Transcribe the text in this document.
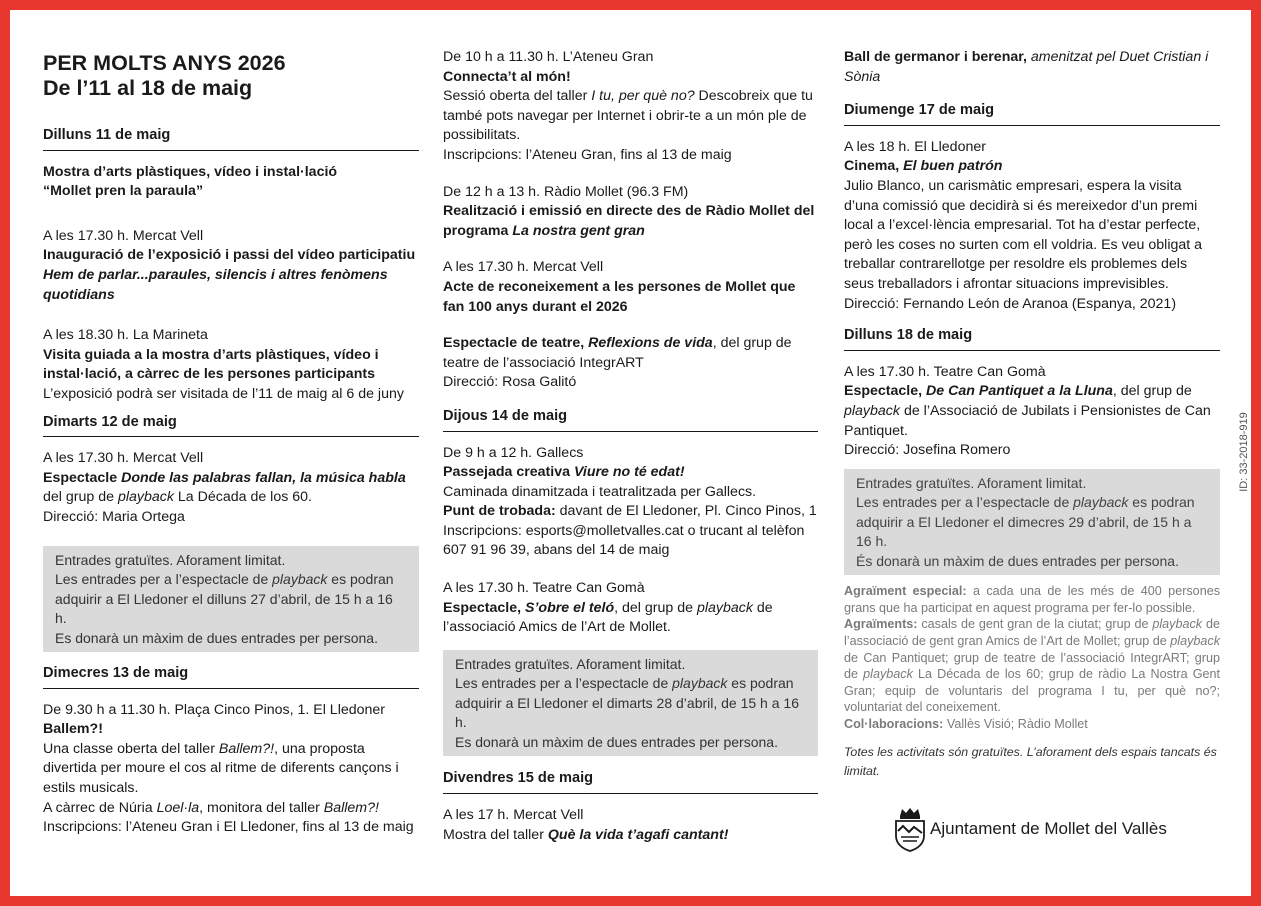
PER MOLTS ANYS 2026
De l’11 al 18 de maig
Dilluns 11 de maig
Mostra d’arts plàstiques, vídeo i instal·lació
“Mollet pren la paraula”
A les 17.30 h. Mercat Vell
Inauguració de l’exposició i passi del vídeo participatiu Hem de parlar...paraules, silencis i altres fenòmens quotidians
A les 18.30 h. La Marineta
Visita guiada a la mostra d’arts plàstiques, vídeo i instal·lació, a càrrec de les persones participants
L’exposició podrà ser visitada de l’11 de maig al 6 de juny
Dimarts 12 de maig
A les 17.30 h. Mercat Vell
Espectacle Donde las palabras fallan, la música habla del grup de playback La Década de los 60.
Direcció: Maria Ortega
Entrades gratuïtes. Aforament limitat.
Les entrades per a l’espectacle de playback es podran adquirir a El Lledoner el dilluns 27 d’abril, de 15 h a 16 h.
Es donarà un màxim de dues entrades per persona.
Dimecres 13 de maig
De 9.30 h a 11.30 h. Plaça Cinco Pinos, 1. El Lledoner
Ballem?!
Una classe oberta del taller Ballem?!, una proposta divertida per moure el cos al ritme de diferents cançons i estils musicals.
A càrrec de Núria Loel·la, monitora del taller Ballem?!
Inscripcions: l’Ateneu Gran i El Lledoner, fins al 13 de maig
De 10 h a 11.30 h. L’Ateneu Gran
Connecta’t al món!
Sessió oberta del taller I tu, per què no? Descobreix que tu també pots navegar per Internet i obrir-te a un món ple de possibilitats.
Inscripcions: l’Ateneu Gran, fins al 13 de maig
De 12 h a 13 h. Ràdio Mollet (96.3 FM)
Realització i emissió en directe des de Ràdio Mollet del programa La nostra gent gran
A les 17.30 h. Mercat Vell
Acte de reconeixement a les persones de Mollet que fan 100 anys durant el 2026
Espectacle de teatre, Reflexions de vida, del grup de teatre de l’associació IntegrART
Direcció: Rosa Galitó
Dijous 14 de maig
De 9 h a 12 h. Gallecs
Passejada creativa Viure no té edat!
Caminada dinamitzada i teatralitzada per Gallecs.
Punt de trobada: davant de El Lledoner, Pl. Cinco Pinos, 1
Inscripcions: esports@molletvalles.cat o trucant al telèfon 607 91 96 39, abans del 14 de maig
A les 17.30 h. Teatre Can Gomà
Espectacle, S’obre el teló, del grup de playback de l’associació Amics de l’Art de Mollet.
Entrades gratuïtes. Aforament limitat.
Les entrades per a l’espectacle de playback es podran adquirir a El Lledoner el dimarts 28 d’abril, de 15 h a 16 h.
Es donarà un màxim de dues entrades per persona.
Divendres 15 de maig
A les 17 h. Mercat Vell
Mostra del taller Què la vida t’agafi cantant!
Ball de germanor i berenar, amenitzat pel Duet Cristian i Sònia
Diumenge 17 de maig
A les 18 h. El Lledoner
Cinema, El buen patrón
Julio Blanco, un carismàtic empresari, espera la visita d’una comissió que decidirà si és mereixedor d’un premi local a l’excel·lència empresarial. Tot ha d’estar perfecte, però les coses no surten com ell voldria. Es veu obligat a treballar contrarellotge per resoldre els problemes dels seus treballadors i afrontar situacions imprevisibles.
Direcció: Fernando León de Aranoa (Espanya, 2021)
Dilluns 18 de maig
A les 17.30 h. Teatre Can Gomà
Espectacle, De Can Pantiquet a la Lluna, del grup de playback de l’Associació de Jubilats i Pensionistes de Can Pantiquet.
Direcció: Josefina Romero
Entrades gratuïtes. Aforament limitat.
Les entrades per a l’espectacle de playback es podran adquirir a El Lledoner el dimecres 29 d’abril, de 15 h a 16 h.
És donarà un màxim de dues entrades per persona.
Agraïment especial: a cada una de les més de 400 persones grans que ha participat en aquest programa per fer-lo possible.
Agraïments: casals de gent gran de la ciutat; grup de playback de l’associació de gent gran Amics de l’Art de Mollet; grup de playback de Can Pantiquet; grup de teatre de l’associació IntegrART; grup de playback La Década de los 60; grup de ràdio La Nostra Gent Gran; equip de voluntaris del programa I tu, per què no?; voluntariat del coneixement.
Col·laboracions: Vallès Visió; Ràdio Mollet
Totes les activitats són gratuïtes. L’aforament dels espais tancats és limitat.
Ajuntament de Mollet del Vallès
ID: 33-2018-919
